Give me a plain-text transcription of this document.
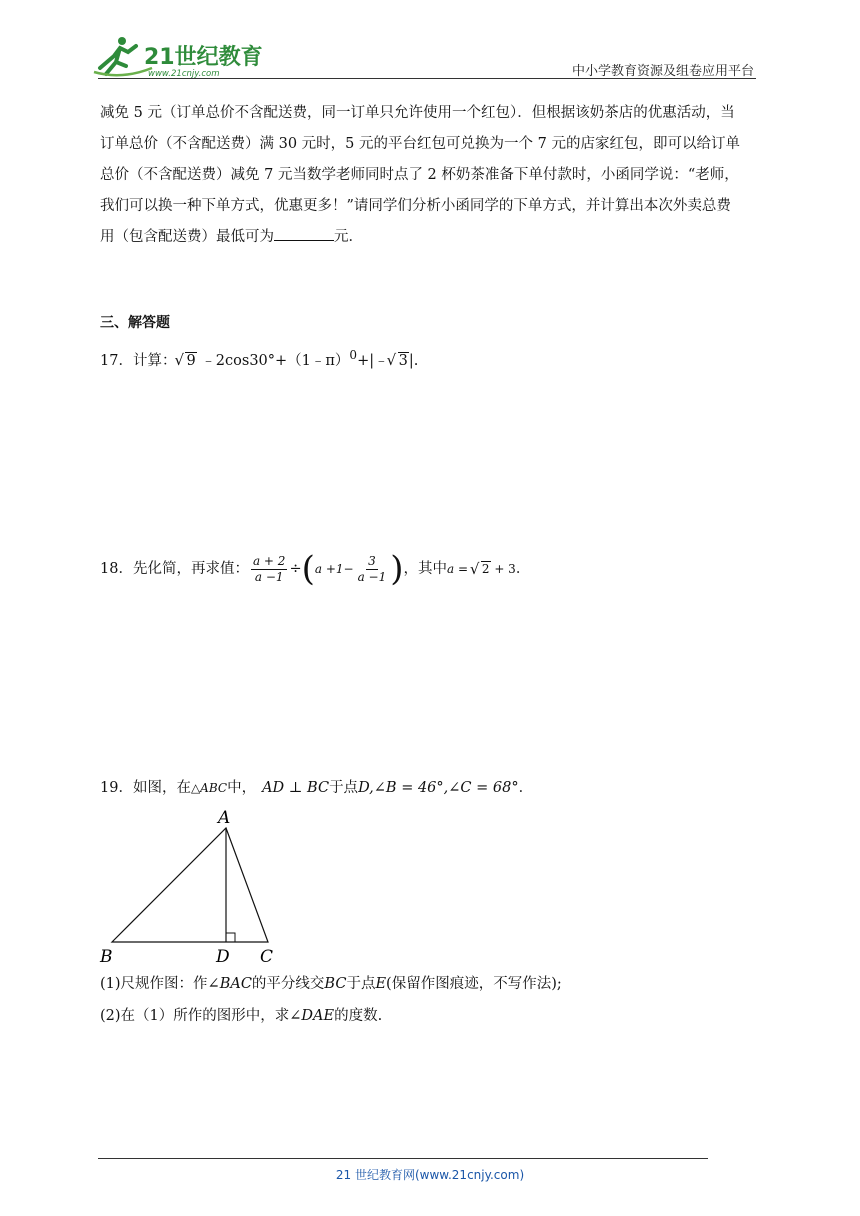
21世纪教育
www.21cnjy.com	中小学教育资源及组卷应用平台
减免 5 元（订单总价不含配送费，同一订单只允许使用一个红包）．但根据该奶茶店的优惠活动，当
订单总价（不含配送费）满 30 元时，5 元的平台红包可兑换为一个 7 元的店家红包，即可以给订单
总价（不含配送费）减免 7 元当数学老师同时点了 2 杯奶茶准备下单付款时，小函同学说：“老师，
我们可以换一种下单方式，优惠更多！”请同学们分析小函同学的下单方式，并计算出本次外卖总费
用（包含配送费）最低可为	元．
三、解答题
17．计算： √ 9 ﹣2cos30°+（1﹣π）$^0$+|﹣ √ 3|.
18．先化简，再求值： $\frac{a + 2}{a -1} \div(a +1- \frac{3}{a -1}$ )，其中a = √ 2 + 3．
19．如图，在△ABC中， AD ⊥ BC于点D,∠B = 46°,∠C = 68°．
A
B	D C
(1)尺规作图：作∠BAC的平分线交BC于点E(保留作图痕迹，不写作法);
(2)在（1）所作的图形中，求∠DAE的度数.
21 世纪教育网(www.21cnjy.com)
